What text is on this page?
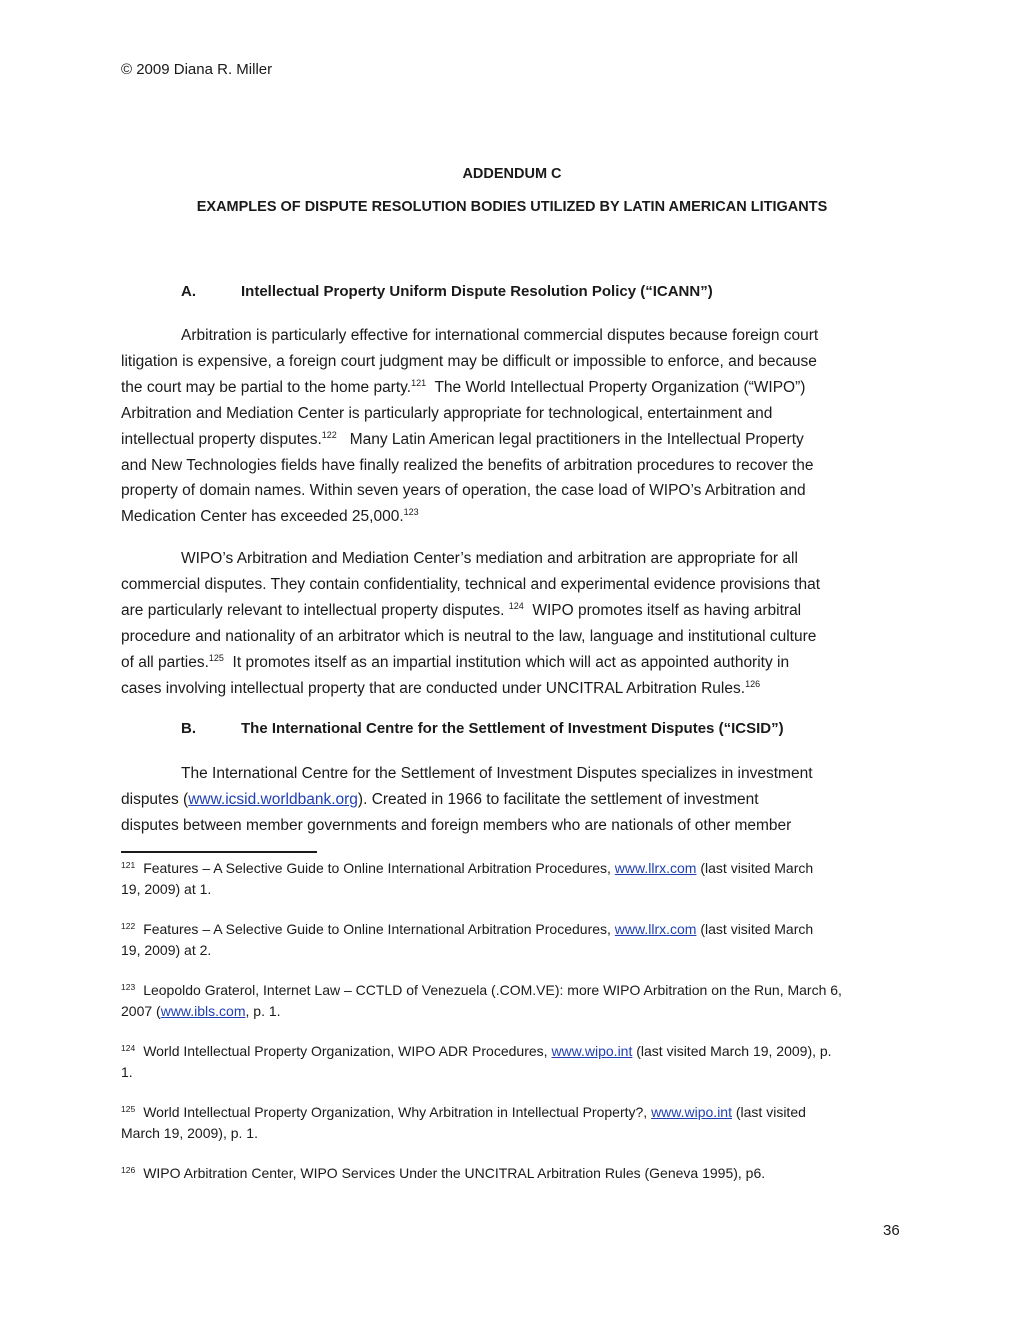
© 2009 Diana R. Miller
ADDENDUM C
EXAMPLES OF DISPUTE RESOLUTION BODIES UTILIZED BY LATIN AMERICAN LITIGANTS
A.	Intellectual Property Uniform Dispute Resolution Policy (“ICANN”)
Arbitration is particularly effective for international commercial disputes because foreign court
litigation is expensive, a foreign court judgment may be difficult or impossible to enforce, and because
the court may be partial to the home party.$^{121}$ The World Intellectual Property Organization (“WIPO”)
Arbitration and Mediation Center is particularly appropriate for technological, entertainment and
intellectual property disputes.$^{122}$ Many Latin American legal practitioners in the Intellectual Property
and New Technologies fields have finally realized the benefits of arbitration procedures to recover the
property of domain names. Within seven years of operation, the case load of WIPO’s Arbitration and
Medication Center has exceeded 25,000.$^{123}$
WIPO’s Arbitration and Mediation Center’s mediation and arbitration are appropriate for all
commercial disputes. They contain confidentiality, technical and experimental evidence provisions that
are particularly relevant to intellectual property disputes. $^{124}$ WIPO promotes itself as having arbitral
procedure and nationality of an arbitrator which is neutral to the law, language and institutional culture
of all parties.$^{125}$ It promotes itself as an impartial institution which will act as appointed authority in
cases involving intellectual property that are conducted under UNCITRAL Arbitration Rules.$^{126}$
B.	The International Centre for the Settlement of Investment Disputes (“ICSID”)
The International Centre for the Settlement of Investment Disputes specializes in investment
disputes (www.icsid.worldbank.org). Created in 1966 to facilitate the settlement of investment
disputes between member governments and foreign members who are nationals of other member
$^{121}$ Features – A Selective Guide to Online International Arbitration Procedures, www.llrx.com (last visited March
19, 2009) at 1.
$^{122}$ Features – A Selective Guide to Online International Arbitration Procedures, www.llrx.com (last visited March
19, 2009) at 2.
$^{123}$ Leopoldo Graterol, Internet Law – CCTLD of Venezuela (.COM.VE): more WIPO Arbitration on the Run, March 6,
2007 (www.ibls.com, p. 1.
$^{124}$ World Intellectual Property Organization, WIPO ADR Procedures, www.wipo.int (last visited March 19, 2009), p.
1.
$^{125}$ World Intellectual Property Organization, Why Arbitration in Intellectual Property?, www.wipo.int (last visited
March 19, 2009), p. 1.
$^{126}$ WIPO Arbitration Center, WIPO Services Under the UNCITRAL Arbitration Rules (Geneva 1995), p6.
36
